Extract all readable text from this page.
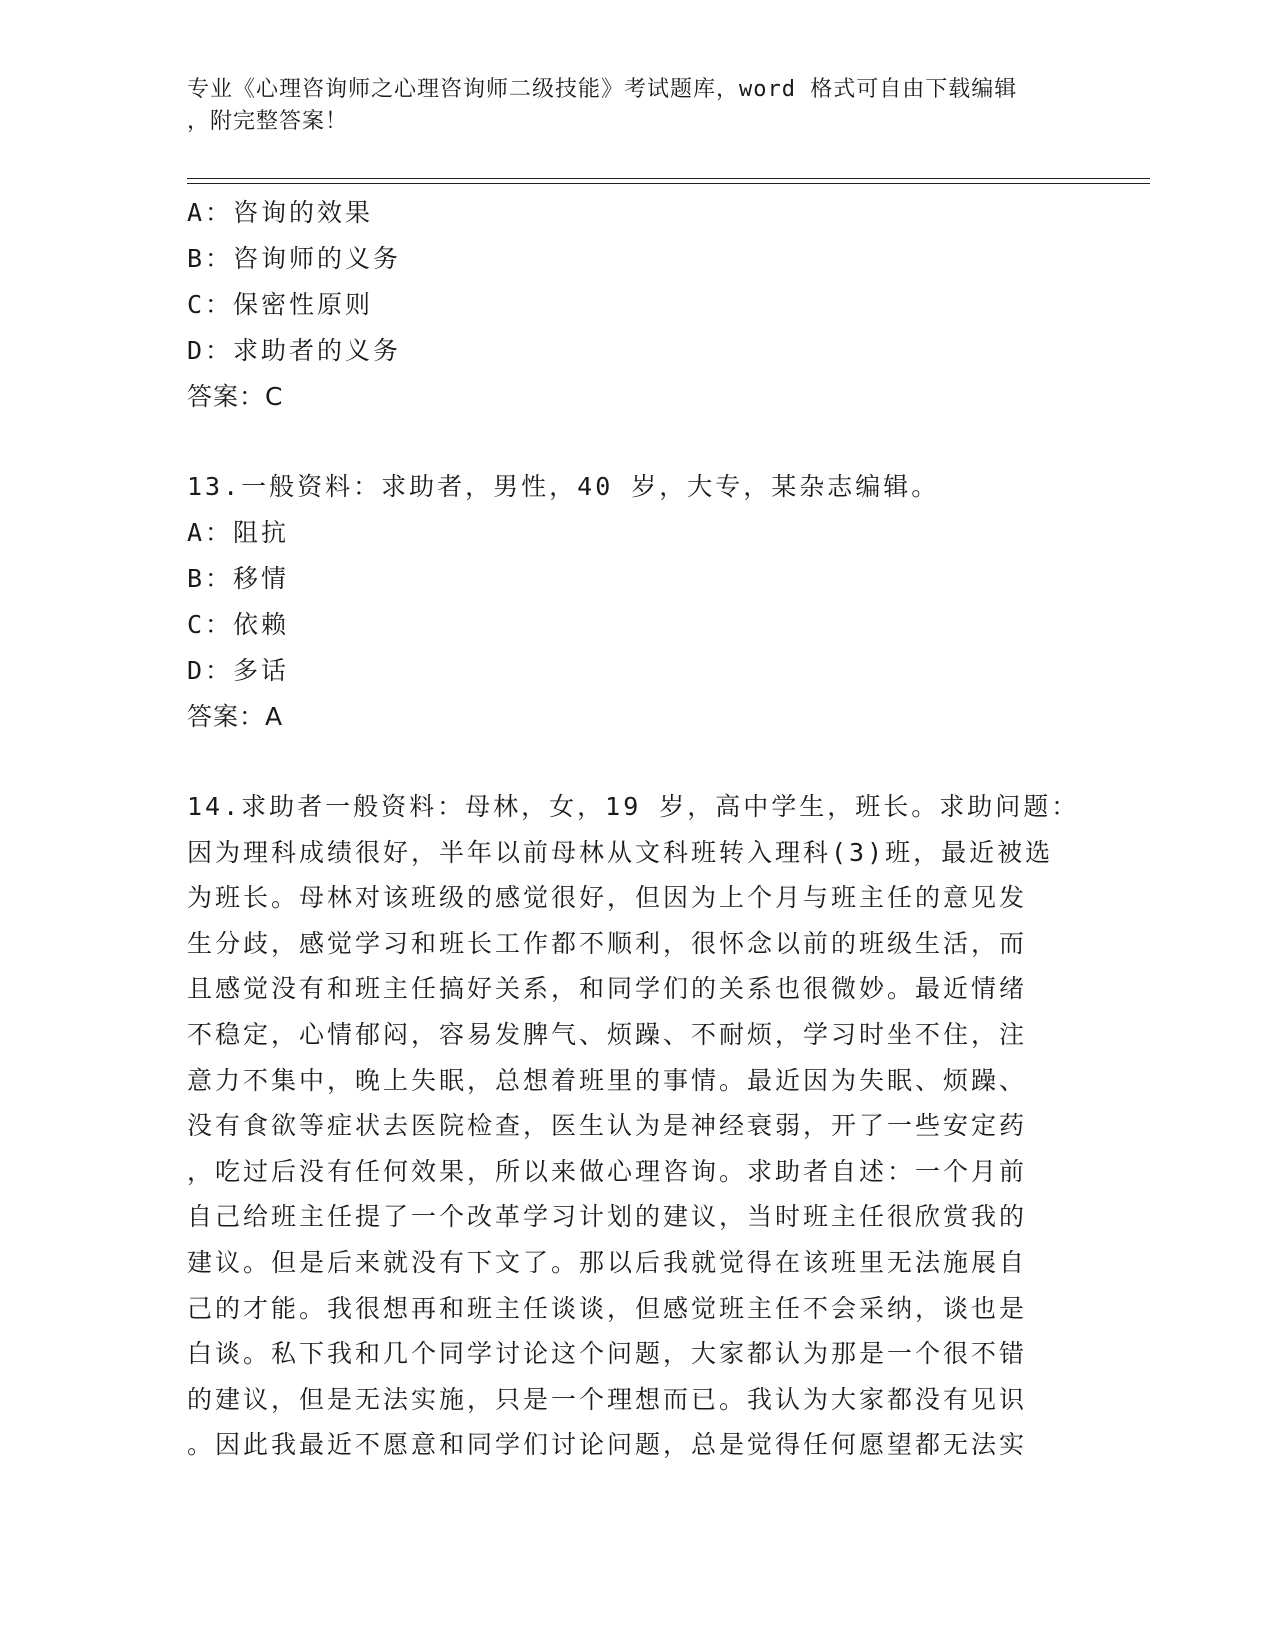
专业《心理咨询师之心理咨询师二级技能》考试题库，word 格式可自由下载编辑
，附完整答案！
A：咨询的效果
B：咨询师的义务
C：保密性原则
D：求助者的义务
答案：C
13.一般资料：求助者，男性，40 岁，大专，某杂志编辑。
A：阻抗
B：移情
C：依赖
D：多话
答案：A
14.求助者一般资料：母林，女，19 岁，高中学生，班长。求助问题：
因为理科成绩很好，半年以前母林从文科班转入理科(3)班，最近被选
为班长。母林对该班级的感觉很好，但因为上个月与班主任的意见发
生分歧，感觉学习和班长工作都不顺利，很怀念以前的班级生活，而
且感觉没有和班主任搞好关系，和同学们的关系也很微妙。最近情绪
不稳定，心情郁闷，容易发脾气、烦躁、不耐烦，学习时坐不住，注
意力不集中，晚上失眠，总想着班里的事情。最近因为失眠、烦躁、
没有食欲等症状去医院检查，医生认为是神经衰弱，开了一些安定药
，吃过后没有任何效果，所以来做心理咨询。求助者自述：一个月前
自己给班主任提了一个改革学习计划的建议，当时班主任很欣赏我的
建议。但是后来就没有下文了。那以后我就觉得在该班里无法施展自
己的才能。我很想再和班主任谈谈，但感觉班主任不会采纳，谈也是
白谈。私下我和几个同学讨论这个问题，大家都认为那是一个很不错
的建议，但是无法实施，只是一个理想而已。我认为大家都没有见识
。因此我最近不愿意和同学们讨论问题，总是觉得任何愿望都无法实
